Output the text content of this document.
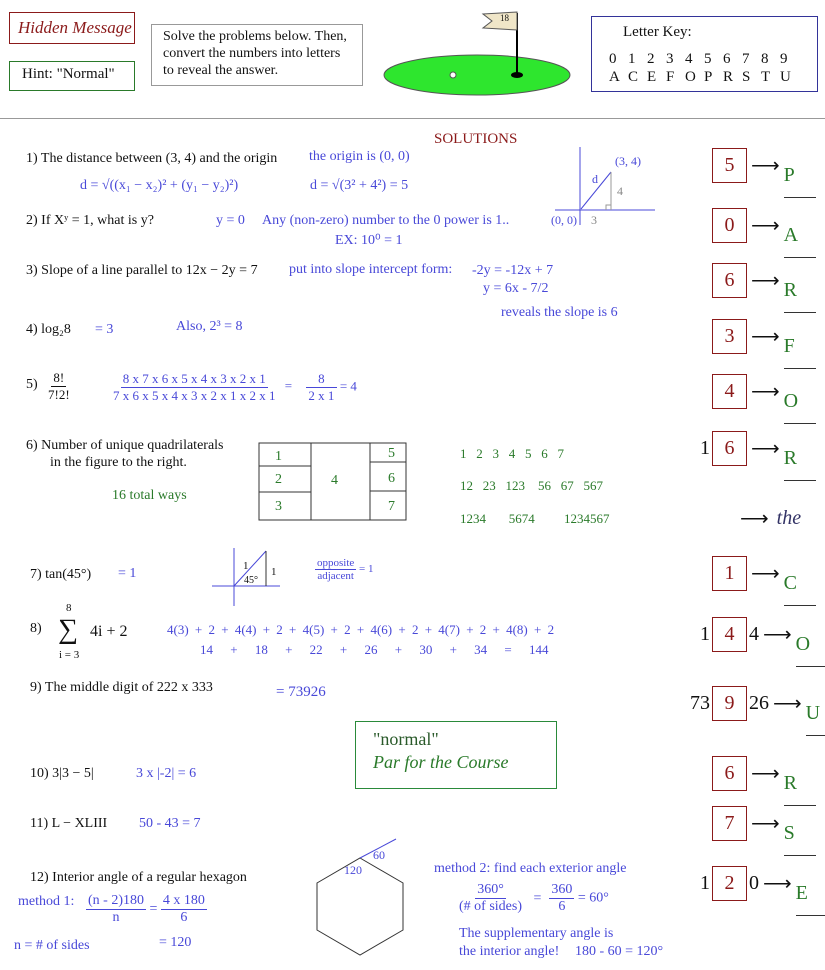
Hidden Message
Hint: "Normal"
Solve the problems below. Then,
convert the numbers into letters
to reveal the answer.
18
Letter Key:
0 1 2 3 4 5 6 7 8 9
A C E F O P R S T U
SOLUTIONS
1) The distance between (3, 4) and the origin the origin is (0, 0)
d = √((x₁ − x₂)² + (y₁ − y₂)²)	d = √(3² + 4²) = 5
(3, 4)
(0, 0)
d
4
3
2) If Xʸ = 1, what is y?	y = 0 Any (non-zero) number to the 0 power is 1..
EX: 10⁰ = 1
3) Slope of a line parallel to 12x − 2y = 7 put into slope intercept form: -2y = -12x + 7
y = 6x - 7/2
reveals the slope is 6
4) log₂8 = 3	Also, 2³ = 8
$5) \frac{8!}{7!2!}$	$\frac{8 x 7 x 6 x 5 x 4 x 3 x 2 x 1}{7 x 6 x 5 x 4 x 3 x 2 x 1 x 2 x 1} = \frac{8}{2 x 1} = 4$
6) Number of unique quadrilaterals
in the figure to the right.
16 total ways
1
2
3
4
5
6
7
1   2   3   4   5   6   7
12   23   123    56   67   567
1234       5674         1234567
7) tan(45°) = 1	1 1
45°	$\frac{\text{opposite}}{\text{adjacent}} = 1$
8)
8
∑
i = 3
4i + 2	4(3) + 2 + 4(4) + 2 + 4(5) + 2 + 4(6) + 2 + 4(7) + 2 + 4(8) + 2
14 + 18 + 22 + 26 + 30 + 34 = 144
9) The middle digit of 222 x 333	= 73926
"normal"
Par for the Course
10) 3|3 − 5|	3 x |-2| = 6
11) L − XLIII 50 - 43 = 7
12) Interior angle of a regular hexagon
method 1: $\frac{(n - 2)180}{n} = \frac{4 x 180}{6}$
n = # of sides	= 120
120
60
method 2: find each exterior angle
$\frac{360^\circ}{\text{(\# of sides)}} = \frac{360}{6} = 60^\circ$
The supplementary angle is
the interior angle! 180 - 60 = 120°
5 ⟶ P
0 ⟶ A
6 ⟶ R
3 ⟶ F
4 ⟶ O
1 6 ⟶ R
1 ⟶ C
1 4 4 ⟶ O
73 9 26 ⟶ U
6 ⟶ R
7 ⟶ S
1 2 0 ⟶ E
⟶ the
